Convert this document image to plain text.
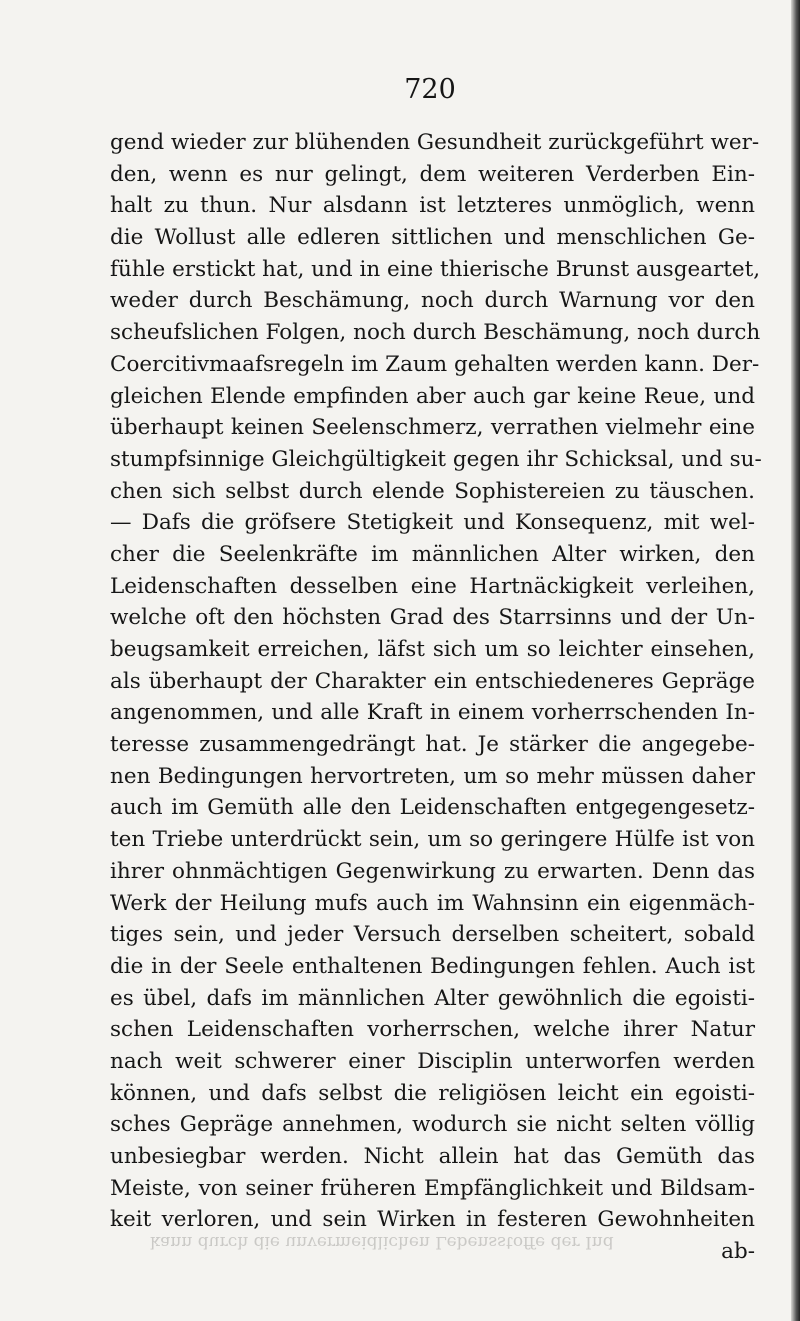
720
gend wieder zur blühenden Gesundheit zurückgeführt wer-
den, wenn es nur gelingt, dem weiteren Verderben Ein-
halt zu thun. Nur alsdann ist letzteres unmöglich, wenn
die Wollust alle edleren sittlichen und menschlichen Ge-
fühle erstickt hat, und in eine thierische Brunst ausgeartet,
weder durch Beschämung, noch durch Warnung vor den
scheufslichen Folgen, noch durch Beschämung, noch durch
Coercitivmaafsregeln im Zaum gehalten werden kann. Der-
gleichen Elende empfinden aber auch gar keine Reue, und
überhaupt keinen Seelenschmerz, verrathen vielmehr eine
stumpfsinnige Gleichgültigkeit gegen ihr Schicksal, und su-
chen sich selbst durch elende Sophistereien zu täuschen.
— Dafs die gröfsere Stetigkeit und Konsequenz, mit wel-
cher die Seelenkräfte im männlichen Alter wirken, den
Leidenschaften desselben eine Hartnäckigkeit verleihen,
welche oft den höchsten Grad des Starrsinns und der Un-
beugsamkeit erreichen, läfst sich um so leichter einsehen,
als überhaupt der Charakter ein entschiedeneres Gepräge
angenommen, und alle Kraft in einem vorherrschenden In-
teresse zusammengedrängt hat. Je stärker die angegebe-
nen Bedingungen hervortreten, um so mehr müssen daher
auch im Gemüth alle den Leidenschaften entgegengesetz-
ten Triebe unterdrückt sein, um so geringere Hülfe ist von
ihrer ohnmächtigen Gegenwirkung zu erwarten. Denn das
Werk der Heilung mufs auch im Wahnsinn ein eigenmäch-
tiges sein, und jeder Versuch derselben scheitert, sobald
die in der Seele enthaltenen Bedingungen fehlen. Auch ist
es übel, dafs im männlichen Alter gewöhnlich die egoisti-
schen Leidenschaften vorherrschen, welche ihrer Natur
nach weit schwerer einer Disciplin unterworfen werden
können, und dafs selbst die religiösen leicht ein egoisti-
sches Gepräge annehmen, wodurch sie nicht selten völlig
unbesiegbar werden. Nicht allein hat das Gemüth das
Meiste, von seiner früheren Empfänglichkeit und Bildsam-
keit verloren, und sein Wirken in festeren Gewohnheiten
ab-
kann durch die unvermeidlichen Lebensstoffe der Ind
